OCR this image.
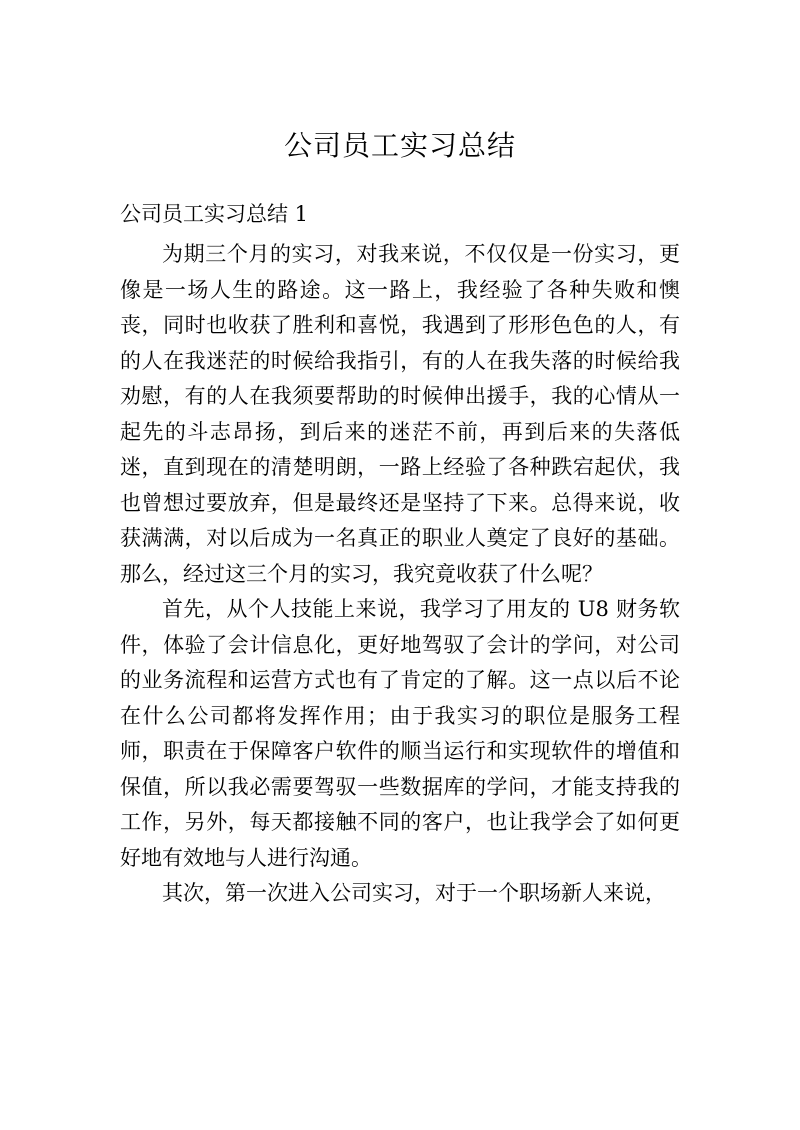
公司员工实习总结
公司员工实习总结 1

为期三个月的实习，对我来说，不仅仅是一份实习，更像是一场人生的路途。这一路上，我经验了各种失败和懊丧，同时也收获了胜利和喜悦，我遇到了形形色色的人，有的人在我迷茫的时候给我指引，有的人在我失落的时候给我劝慰，有的人在我须要帮助的时候伸出援手，我的心情从一起先的斗志昂扬，到后来的迷茫不前，再到后来的失落低迷，直到现在的清楚明朗，一路上经验了各种跌宕起伏，我也曾想过要放弃，但是最终还是坚持了下来。总得来说，收获满满，对以后成为一名真正的职业人奠定了良好的基础。那么，经过这三个月的实习，我究竟收获了什么呢？

首先，从个人技能上来说，我学习了用友的 U8 财务软件，体验了会计信息化，更好地驾驭了会计的学问，对公司的业务流程和运营方式也有了肯定的了解。这一点以后不论在什么公司都将发挥作用；由于我实习的职位是服务工程师，职责在于保障客户软件的顺当运行和实现软件的增值和保值，所以我必需要驾驭一些数据库的学问，才能支持我的工作，另外，每天都接触不同的客户，也让我学会了如何更好地有效地与人进行沟通。

其次，第一次进入公司实习，对于一个职场新人来说，
